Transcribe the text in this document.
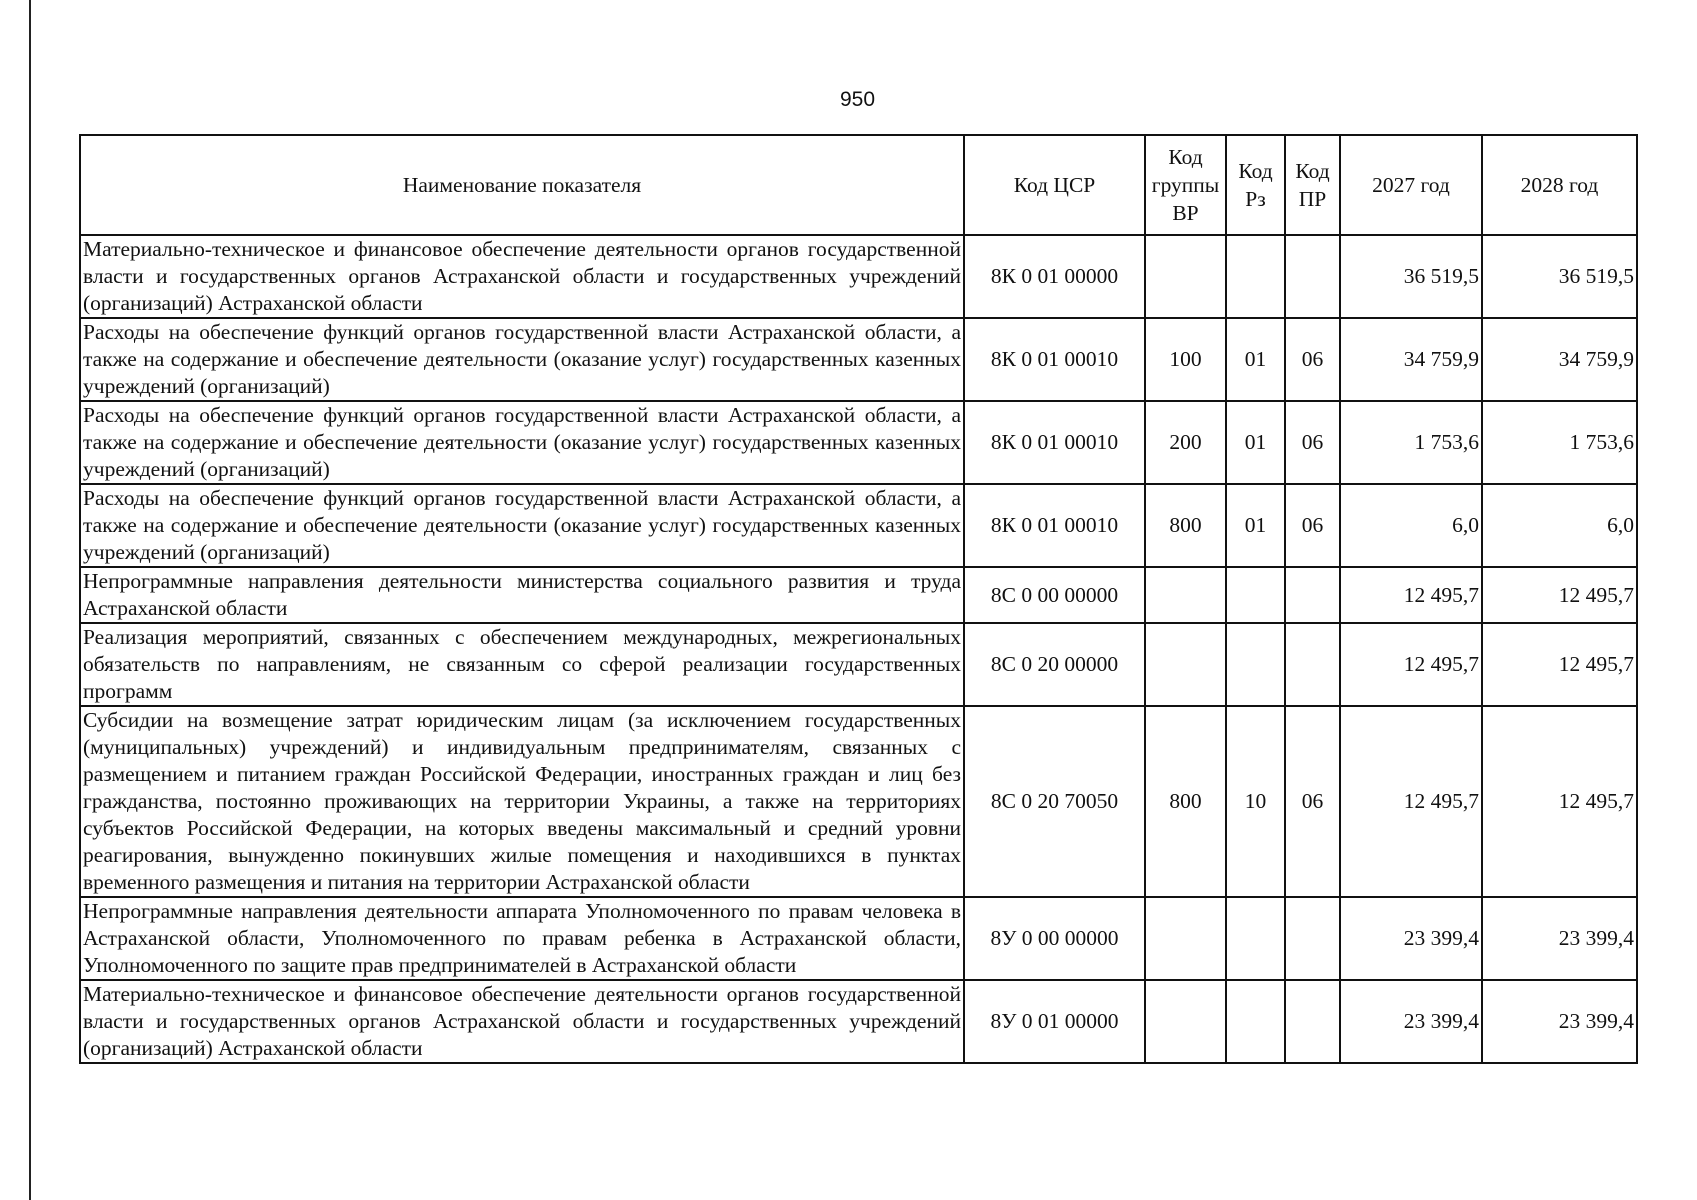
950
Наименование показателя	Код ЦСР	Код группы ВР	Код Рз	Код ПР	2027 год	2028 год
Материально-техническое и финансовое обеспечение деятельности органов государственной власти и государственных органов Астраханской области и государственных учреждений (организаций) Астраханской области	8К 0 01 00000				36 519,5	36 519,5
Расходы на обеспечение функций органов государственной власти Астраханской области, а также на содержание и обеспечение деятельности (оказание услуг) государственных казенных учреждений (организаций)	8К 0 01 00010	100	01	06	34 759,9	34 759,9
Расходы на обеспечение функций органов государственной власти Астраханской области, а также на содержание и обеспечение деятельности (оказание услуг) государственных казенных учреждений (организаций)	8К 0 01 00010	200	01	06	1 753,6	1 753,6
Расходы на обеспечение функций органов государственной власти Астраханской области, а также на содержание и обеспечение деятельности (оказание услуг) государственных казенных учреждений (организаций)	8К 0 01 00010	800	01	06	6,0	6,0
Непрограммные направления деятельности министерства социального развития и труда Астраханской области	8С 0 00 00000				12 495,7	12 495,7
Реализация мероприятий, связанных с обеспечением международных, межрегиональных обязательств по направлениям, не связанным со сферой реализации государственных программ	8С 0 20 00000				12 495,7	12 495,7
Субсидии на возмещение затрат юридическим лицам (за исключением государственных (муниципальных) учреждений) и индивидуальным предпринимателям, связанных с размещением и питанием граждан Российской Федерации, иностранных граждан и лиц без гражданства, постоянно проживающих на территории Украины, а также на территориях субъектов Российской Федерации, на которых введены максимальный и средний уровни реагирования, вынужденно покинувших жилые помещения и находившихся в пунктах временного размещения и питания на территории Астраханской области	8С 0 20 70050	800	10	06	12 495,7	12 495,7
Непрограммные направления деятельности аппарата Уполномоченного по правам человека в Астраханской области, Уполномоченного по правам ребенка в Астраханской области, Уполномоченного по защите прав предпринимателей в Астраханской области	8У 0 00 00000				23 399,4	23 399,4
Материально-техническое и финансовое обеспечение деятельности органов государственной власти и государственных органов Астраханской области и государственных учреждений (организаций) Астраханской области	8У 0 01 00000				23 399,4	23 399,4
